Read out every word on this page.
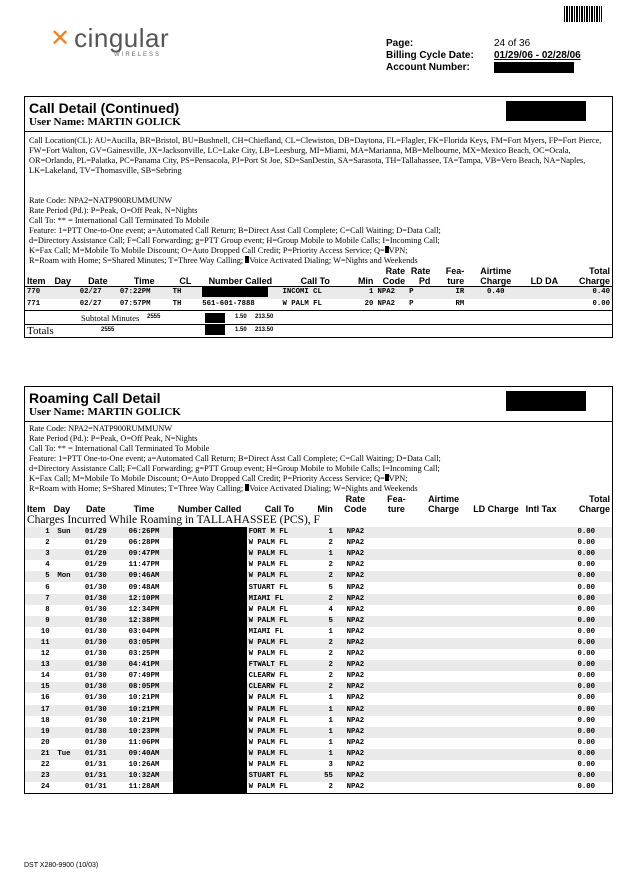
✕ cingular
WIRELESS
Page:	24 of 36
Billing Cycle Date:	01/29/06 - 02/28/06
Account Number:
Call Detail (Continued)
User Name: MARTIN GOLICK
Call Location(CL): AU=Aucilla, BR=Bristol, BU=Bushnell, CH=Chiefland, CL=Clewiston, DB=Daytona, FL=Flagler, FK=Florida Keys, FM=Fort Myers, FP=Fort Pierce, FW=Fort Walton, GV=Gainesville, JX=Jacksonville, LC=Lake City, LB=Leesburg, MI=Miami, MA=Marianna, MB=Melbourne, MX=Mexico Beach, OC=Ocala, OR=Orlando, PL=Palatka, PC=Panama City, PS=Pensacola, PJ=Port St Joe, SD=SanDestin, SA=Sarasota, TH=Tallahassee, TA=Tampa, VB=Vero Beach, NA=Naples, LK=Lakeland, TV=Thomasville, SB=Sebring
Rate Code: NPA2=NATP900RUMMUNW
Rate Period (Pd.): P=Peak, O=Off Peak, N=Nights
Call To: ** = International Call Terminated To Mobile
Feature: 1=PTT One-to-One event; a=Automated Call Return; B=Direct Asst Call Complete; C=Call Waiting; D=Data Call;
d=Directory Assistance Call; F=Call Forwarding; g=PTT Group event; H=Group Mobile to Mobile Calls; I=Incoming Call;
K=Fax Call; M=Mobile To Mobile Discount; O=Auto Dropped Call Credit; P=Priority Access Service; Q= VPN;
R=Roam with Home; S=Shared Minutes; T=Three Way Calling; Voice Activated Dialing; W=Nights and Weekends
Item	Day	Date	Time	CL	Number Called	Call To	Min	Rate Code	Rate Pd	Fea- ture	Airtime Charge	LD DA	Total Charge
770		02/27	07:22PM	TH		INCOMI CL	1	NPA2	P	IR	0.40		0.40
771		02/27	07:57PM	TH	561-601-7888	W PALM FL	20	NPA2	P	RM			0.00
Subtotal Minutes 2555	1.50 213.50
Totals	2555	1.50 213.50
Roaming Call Detail
User Name: MARTIN GOLICK
Rate Code: NPA2=NATP900RUMMUNW
Rate Period (Pd.): P=Peak, O=Off Peak, N=Nights
Call To: ** = International Call Terminated To Mobile
Feature: 1=PTT One-to-One event; a=Automated Call Return; B=Direct Asst Call Complete; C=Call Waiting; D=Data Call;
d=Directory Assistance Call; F=Call Forwarding; g=PTT Group event; H=Group Mobile to Mobile Calls; I=Incoming Call;
K=Fax Call; M=Mobile To Mobile Discount; O=Auto Dropped Call Credit; P=Priority Access Service; Q= VPN;
R=Roam with Home; S=Shared Minutes; T=Three Way Calling; Voice Activated Dialing; W=Nights and Weekends
Item	Day	Date	Time	Number Called	Call To	Min	Rate Code	Fea- ture	Airtime Charge	LD Charge	Intl Tax	Total Charge
Charges Incurred While Roaming in TALLAHASSEE (PCS), F												
1	Sun	01/29	06:26PM		FORT M FL	1	NPA2					0.00
2		01/29	06:28PM		W PALM FL	2	NPA2					0.00
3		01/29	09:47PM		W PALM FL	1	NPA2					0.00
4		01/29	11:47PM		W PALM FL	2	NPA2					0.00
5	Mon	01/30	09:46AM		W PALM FL	2	NPA2					0.00
6		01/30	09:48AM		STUART FL	5	NPA2					0.00
7		01/30	12:10PM		MIAMI FL	2	NPA2					0.00
8		01/30	12:34PM		W PALM FL	4	NPA2					0.00
9		01/30	12:38PM		W PALM FL	5	NPA2					0.00
10		01/30	03:04PM		MIAMI FL	1	NPA2					0.00
11		01/30	03:05PM		W PALM FL	2	NPA2					0.00
12		01/30	03:25PM		W PALM FL	2	NPA2					0.00
13		01/30	04:41PM		FTWALT FL	2	NPA2					0.00
14		01/30	07:49PM		CLEARW FL	2	NPA2					0.00
15		01/30	08:05PM		CLEARW FL	2	NPA2					0.00
16		01/30	10:21PM		W PALM FL	1	NPA2					0.00
17		01/30	10:21PM		W PALM FL	1	NPA2					0.00
18		01/30	10:21PM		W PALM FL	1	NPA2					0.00
19		01/30	10:23PM		W PALM FL	1	NPA2					0.00
20		01/30	11:06PM		W PALM FL	1	NPA2					0.00
21	Tue	01/31	09:40AM		W PALM FL	1	NPA2					0.00
22		01/31	10:26AM		W PALM FL	3	NPA2					0.00
23		01/31	10:32AM		STUART FL	55	NPA2					0.00
24		01/31	11:28AM		W PALM FL	2	NPA2					0.00
DST X280-9900 (10/03)
